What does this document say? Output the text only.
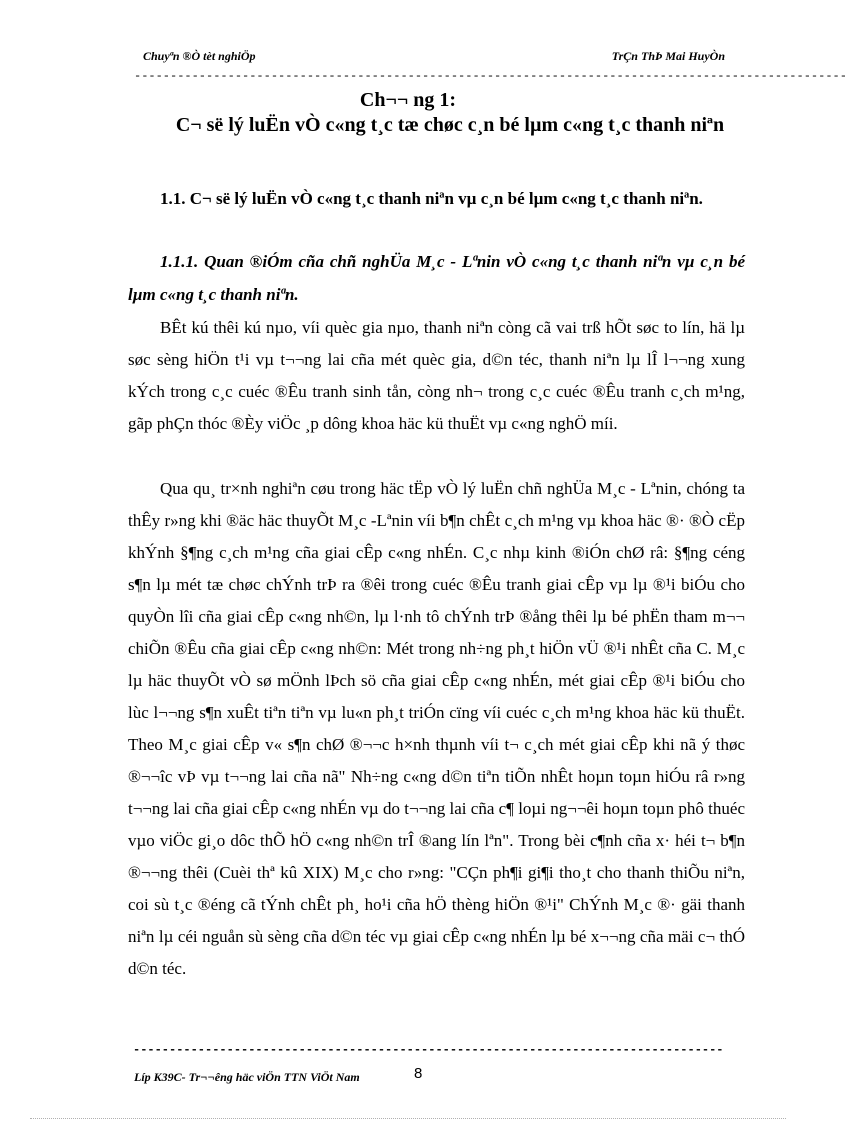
Chuyªn ®Ò tèt nghiÖp	TrÇn ThÞ Mai HuyÒn
---------------------------------------------------------------------------------------------------
Ch¬¬ ng 1:
C¬ së lý luËn vÒ c«ng t¸c tæ chøc c¸n bé lµm c«ng t¸c thanh niªn
1.1. C¬ së lý luËn vÒ c«ng t¸c thanh niªn vµ c¸n bé lµm c«ng t¸c thanh niªn.
1.1.1. Quan ®iÓm cña chñ nghÜa M¸c - Lªnin vÒ c«ng t¸c thanh niªn vµ c¸n bé lµm c«ng t¸c thanh niªn.

BÊt kú thêi kú nµo, víi quèc gia nµo, thanh niªn còng cã vai trß hÕt søc to lín, hä lµ søc sèng hiÖn t¹i vµ t¬¬ng lai cña mét quèc gia, d©n téc, thanh niªn lµ lÎ l¬¬ng xung kÝch trong c¸c cuéc ®Êu tranh sinh tån, còng nh¬ trong c¸c cuéc ®Êu tranh c¸ch m¹ng, gãp phÇn thóc ®Èy viÖc ¸p dông khoa häc kü thuËt vµ c«ng nghÖ míi.

Qua qu¸ tr×nh nghiªn cøu trong häc tËp vÒ lý luËn chñ nghÜa M¸c - Lªnin, chóng ta thÊy r»ng khi ®äc häc thuyÕt M¸c -Lªnin víi b¶n chÊt c¸ch m¹ng vµ khoa häc ®· ®Ò cËp khÝnh §¶ng c¸ch m¹ng cña giai cÊp c«ng nhÉn. C¸c nhµ kinh ®iÓn chØ râ: §¶ng céng s¶n lµ mét tæ chøc chÝnh trÞ ra ®êi trong cuéc ®Êu tranh giai cÊp vµ lµ ®¹i biÓu cho quyÒn lîi cña giai cÊp c«ng nh©n, lµ l·nh tô chÝnh trÞ ®ång thêi lµ bé phËn tham m¬¬ chiÕn ®Êu cña giai cÊp c«ng nh©n: Mét trong nh÷ng ph¸t hiÖn vÜ ®¹i nhÊt cña C. M¸c lµ häc thuyÕt vÒ sø mÖnh lÞch sö cña giai cÊp c«ng nhÉn, mét giai cÊp ®¹i biÓu cho lùc l¬¬ng s¶n xuÊt tiªn tiªn vµ lu«n ph¸t triÓn cïng víi cuéc c¸ch m¹ng khoa häc kü thuËt. Theo M¸c giai cÊp v« s¶n chØ ®¬¬c h×nh thµnh víi t¬ c¸ch mét giai cÊp khi nã ý thøc ®¬¬îc vÞ vµ t¬¬ng lai cña nã" Nh÷ng c«ng d©n tiªn tiÕn nhÊt hoµn toµn hiÓu râ r»ng t¬¬ng lai cña giai cÊp c«ng nhÉn vµ do t¬¬ng lai cña c¶ loµi ng¬¬êi hoµn toµn phô thuéc vµo viÖc gi¸o dôc thÕ hÖ c«ng nh©n trÎ ®ang lín lªn". Trong bèi c¶nh cña x· héi t¬ b¶n ®¬¬ng thêi (Cuèi thª kû XIX) M¸c cho r»ng: "CÇn ph¶i gi¶i tho¸t cho thanh thiÕu niªn, coi sù t¸c ®éng cã tÝnh chÊt ph¸ ho¹i cña hÖ thèng hiÖn ®¹i" ChÝnh M¸c ®· gäi thanh niªn lµ céi nguån sù sèng cña d©n téc vµ giai cÊp c«ng nhÉn lµ bé x¬¬ng cña mäi c¬ thÓ d©n téc.

----------------------------------------------------------------------------------
Líp K39C- Tr¬¬êng häc viÖn TTN ViÖt Nam	8
